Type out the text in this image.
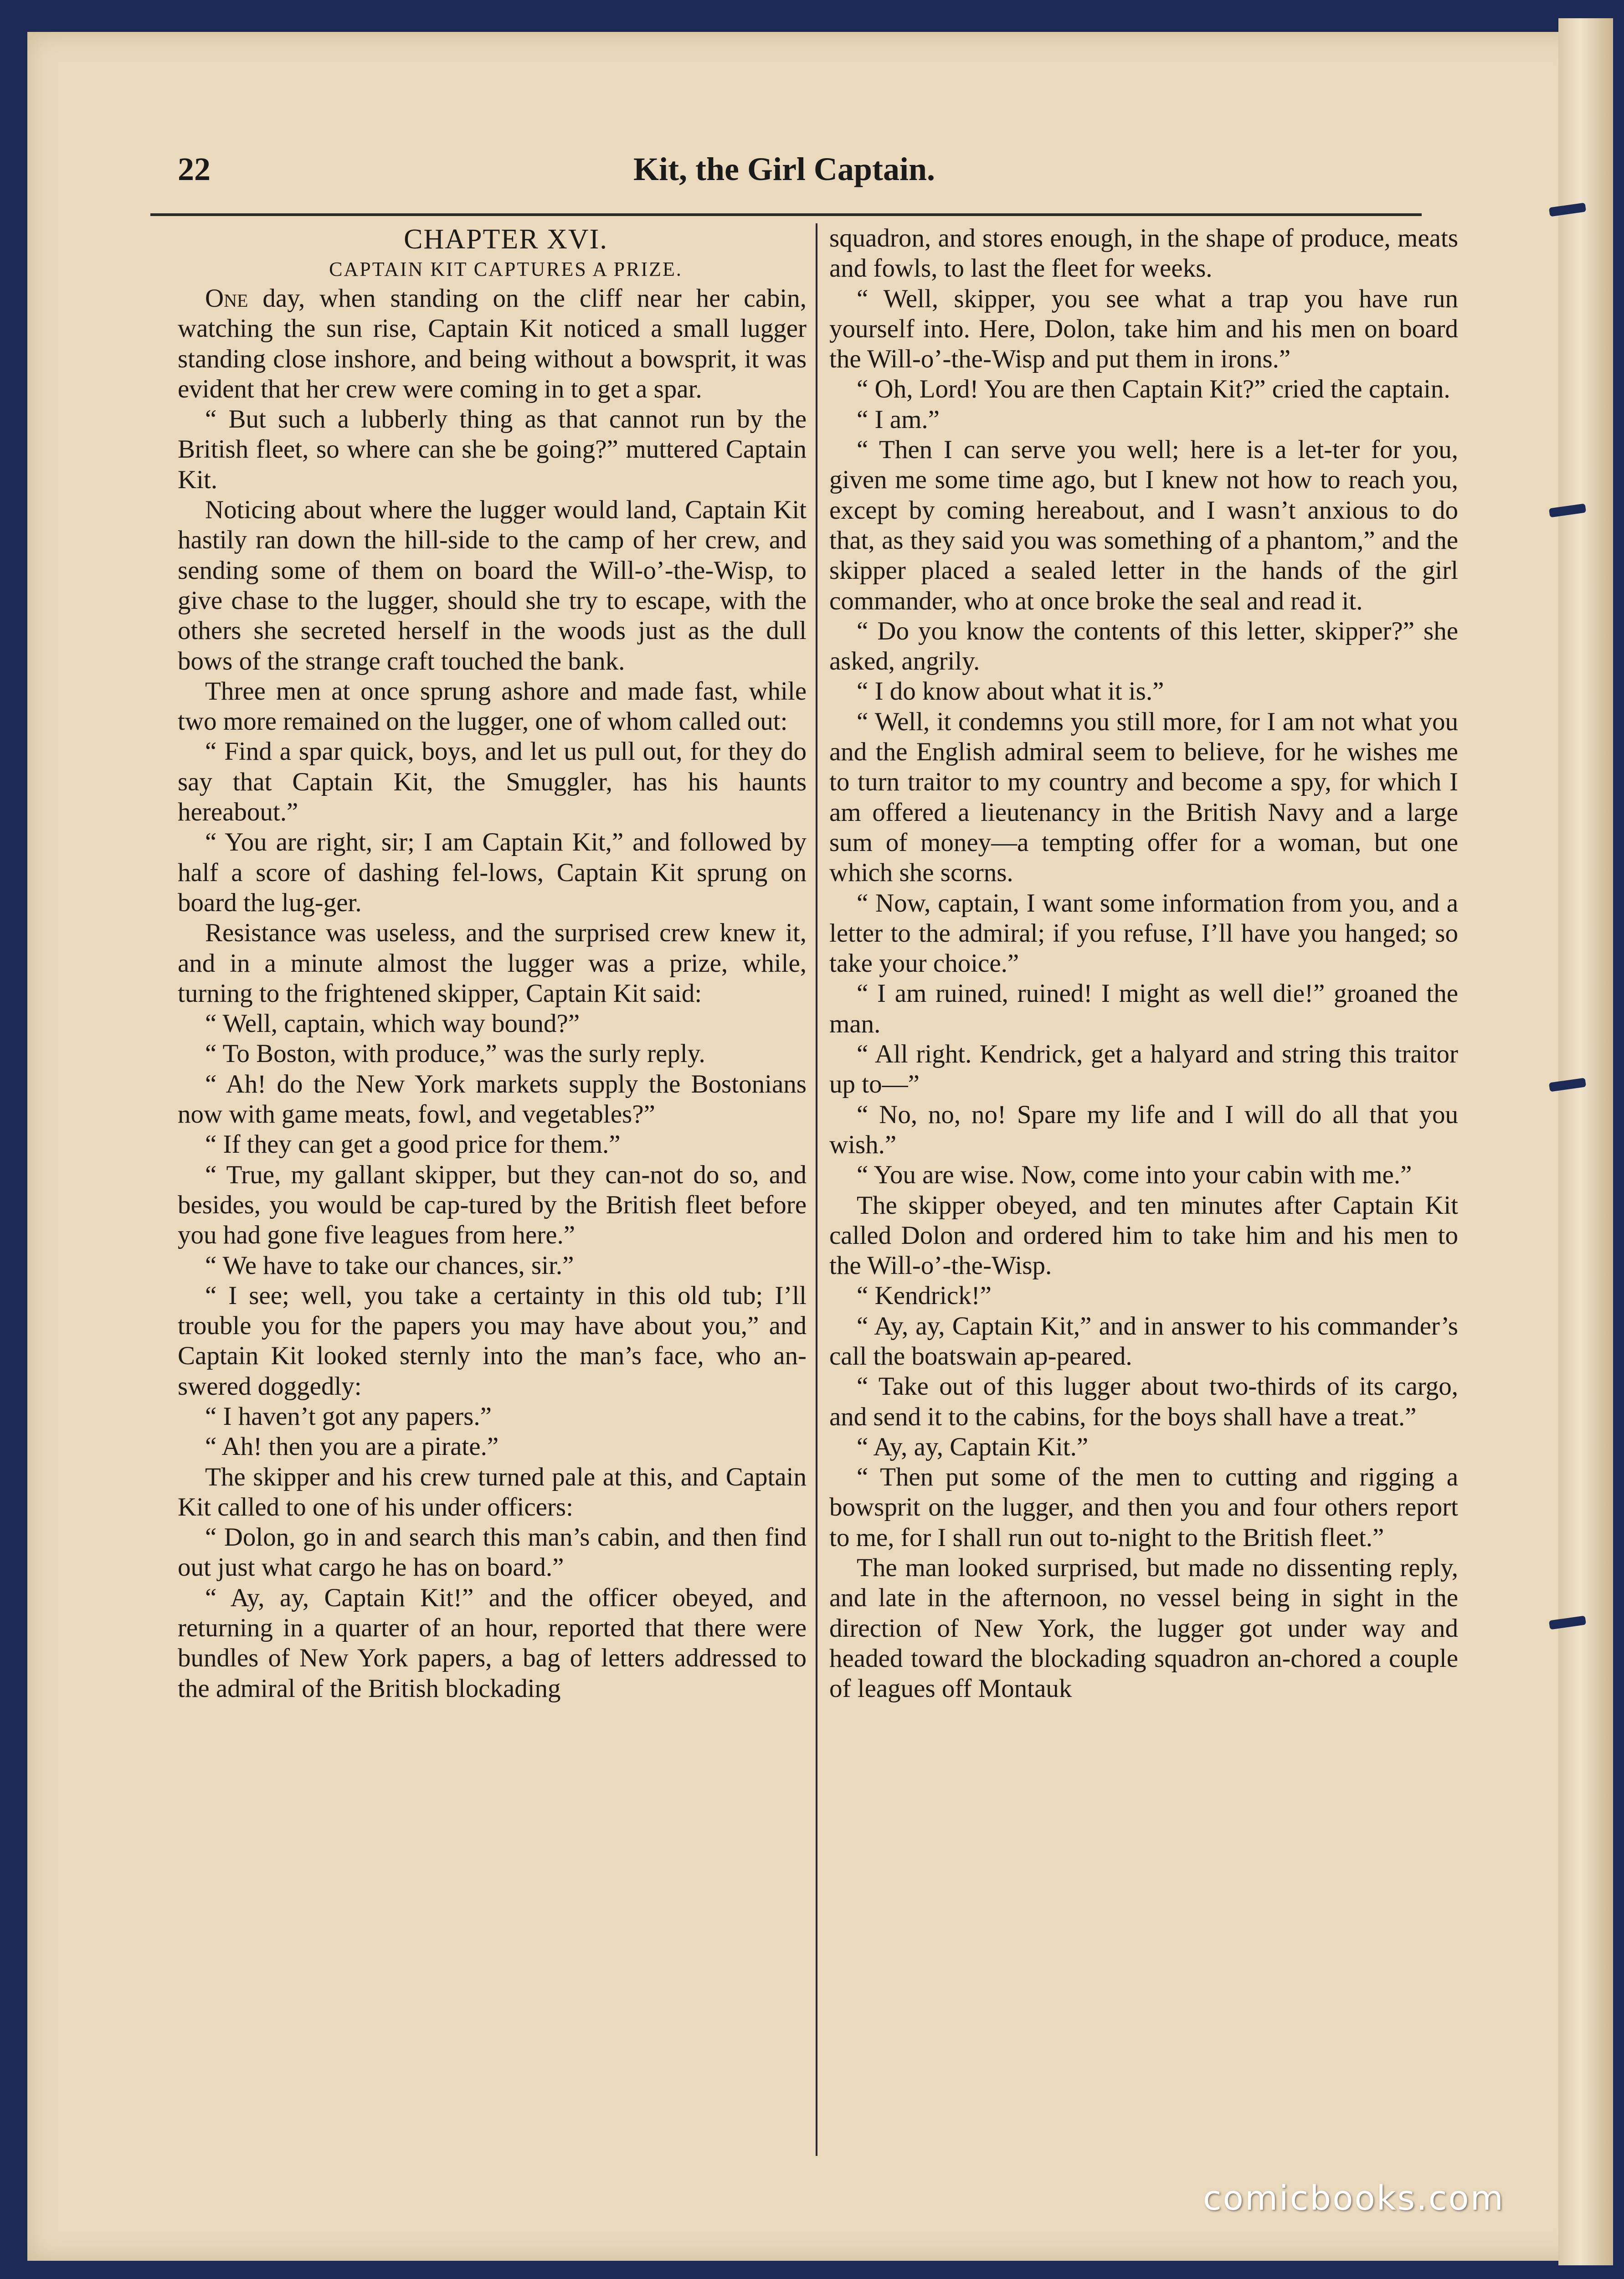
22	Kit, the Girl Captain.

CHAPTER XVI.

CAPTAIN KIT CAPTURES A PRIZE.

One day, when standing on the cliff near her cabin, watching the sun rise, Captain Kit noticed a small lugger standing close inshore, and being without a bowsprit, it was evident that her crew were coming in to get a spar.

“ But such a lubberly thing as that cannot run by the British fleet, so where can she be going?” muttered Captain Kit.

Noticing about where the lugger would land, Captain Kit hastily ran down the hill-side to the camp of her crew, and sending some of them on board the Will-o’-the-Wisp, to give chase to the lugger, should she try to escape, with the others she secreted herself in the woods just as the dull bows of the strange craft touched the bank.

Three men at once sprung ashore and made fast, while two more remained on the lugger, one of whom called out:

“ Find a spar quick, boys, and let us pull out, for they do say that Captain Kit, the Smuggler, has his haunts hereabout.”

“ You are right, sir; I am Captain Kit,” and followed by half a score of dashing fel-lows, Captain Kit sprung on board the lug-ger.

Resistance was useless, and the surprised crew knew it, and in a minute almost the lugger was a prize, while, turning to the frightened skipper, Captain Kit said:

“ Well, captain, which way bound?”

“ To Boston, with produce,” was the surly reply.

“ Ah! do the New York markets supply the Bostonians now with game meats, fowl, and vegetables?”

“ If they can get a good price for them.”

“ True, my gallant skipper, but they can-not do so, and besides, you would be cap-tured by the British fleet before you had gone five leagues from here.”

“ We have to take our chances, sir.”

“ I see; well, you take a certainty in this old tub; I’ll trouble you for the papers you may have about you,” and Captain Kit looked sternly into the man’s face, who an-swered doggedly:

“ I haven’t got any papers.”

“ Ah! then you are a pirate.”

The skipper and his crew turned pale at this, and Captain Kit called to one of his under officers:

“ Dolon, go in and search this man’s cabin, and then find out just what cargo he has on board.”

“ Ay, ay, Captain Kit!” and the officer obeyed, and returning in a quarter of an hour, reported that there were bundles of New York papers, a bag of letters addressed to the admiral of the British blockading

squadron, and stores enough, in the shape of produce, meats and fowls, to last the fleet for weeks.

“ Well, skipper, you see what a trap you have run yourself into. Here, Dolon, take him and his men on board the Will-o’-the-Wisp and put them in irons.”

“ Oh, Lord! You are then Captain Kit?” cried the captain.

“ I am.”

“ Then I can serve you well; here is a let-ter for you, given me some time ago, but I knew not how to reach you, except by coming hereabout, and I wasn’t anxious to do that, as they said you was something of a phantom,” and the skipper placed a sealed letter in the hands of the girl commander, who at once broke the seal and read it.

“ Do you know the contents of this letter, skipper?” she asked, angrily.

“ I do know about what it is.”

“ Well, it condemns you still more, for I am not what you and the English admiral seem to believe, for he wishes me to turn traitor to my country and become a spy, for which I am offered a lieutenancy in the British Navy and a large sum of money—a tempting offer for a woman, but one which she scorns.

“ Now, captain, I want some information from you, and a letter to the admiral; if you refuse, I’ll have you hanged; so take your choice.”

“ I am ruined, ruined! I might as well die!” groaned the man.

“ All right. Kendrick, get a halyard and string this traitor up to—”

“ No, no, no! Spare my life and I will do all that you wish.”

“ You are wise. Now, come into your cabin with me.”

The skipper obeyed, and ten minutes after Captain Kit called Dolon and ordered him to take him and his men to the Will-o’-the-Wisp.

“ Kendrick!”

“ Ay, ay, Captain Kit,” and in answer to his commander’s call the boatswain ap-peared.

“ Take out of this lugger about two-thirds of its cargo, and send it to the cabins, for the boys shall have a treat.”

“ Ay, ay, Captain Kit.”

“ Then put some of the men to cutting and rigging a bowsprit on the lugger, and then you and four others report to me, for I shall run out to-night to the British fleet.”

The man looked surprised, but made no dissenting reply, and late in the afternoon, no vessel being in sight in the direction of New York, the lugger got under way and headed toward the blockading squadron an-chored a couple of leagues off Montauk

comicbooks.com
